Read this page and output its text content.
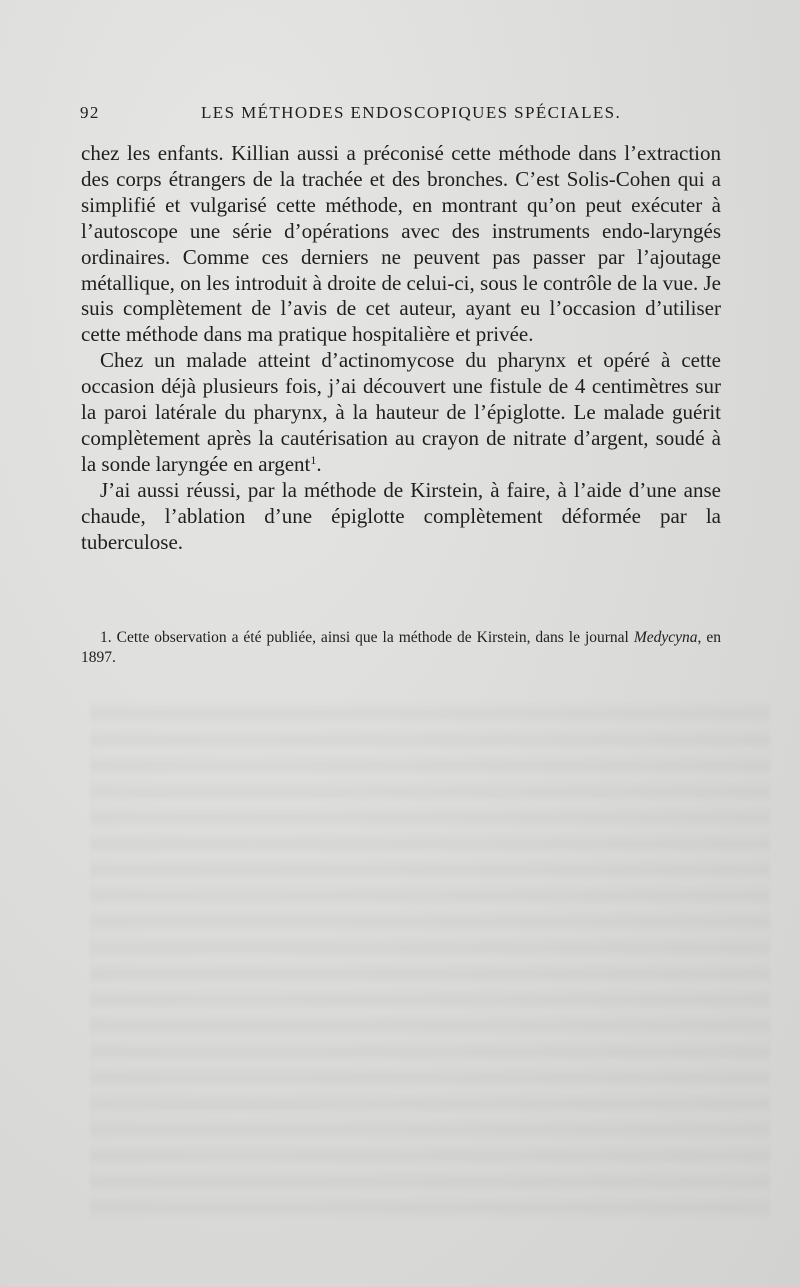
92	LES MÉTHODES ENDOSCOPIQUES SPÉCIALES.

chez les enfants. Killian aussi a préconisé cette méthode dans l’extraction des corps étrangers de la trachée et des bronches. C’est Solis-Cohen qui a simplifié et vulgarisé cette méthode, en montrant qu’on peut exécuter à l’autoscope une série d’opérations avec des instruments endo-laryngés ordinaires. Comme ces derniers ne peuvent pas passer par l’ajoutage métallique, on les introduit à droite de celui-ci, sous le contrôle de la vue. Je suis complètement de l’avis de cet auteur, ayant eu l’occasion d’utiliser cette méthode dans ma pratique hospitalière et privée.

Chez un malade atteint d’actinomycose du pharynx et opéré à cette occasion déjà plusieurs fois, j’ai découvert une fistule de 4 centimètres sur la paroi latérale du pharynx, à la hauteur de l’épiglotte. Le malade guérit complètement après la cautérisation au crayon de nitrate d’argent, soudé à la sonde laryngée en argent$^1$.

J’ai aussi réussi, par la méthode de Kirstein, à faire, à l’aide d’une anse chaude, l’ablation d’une épiglotte complètement déformée par la tuberculose.

1. Cette observation a été publiée, ainsi que la méthode de Kirstein, dans le journal Medycyna, en 1897.
